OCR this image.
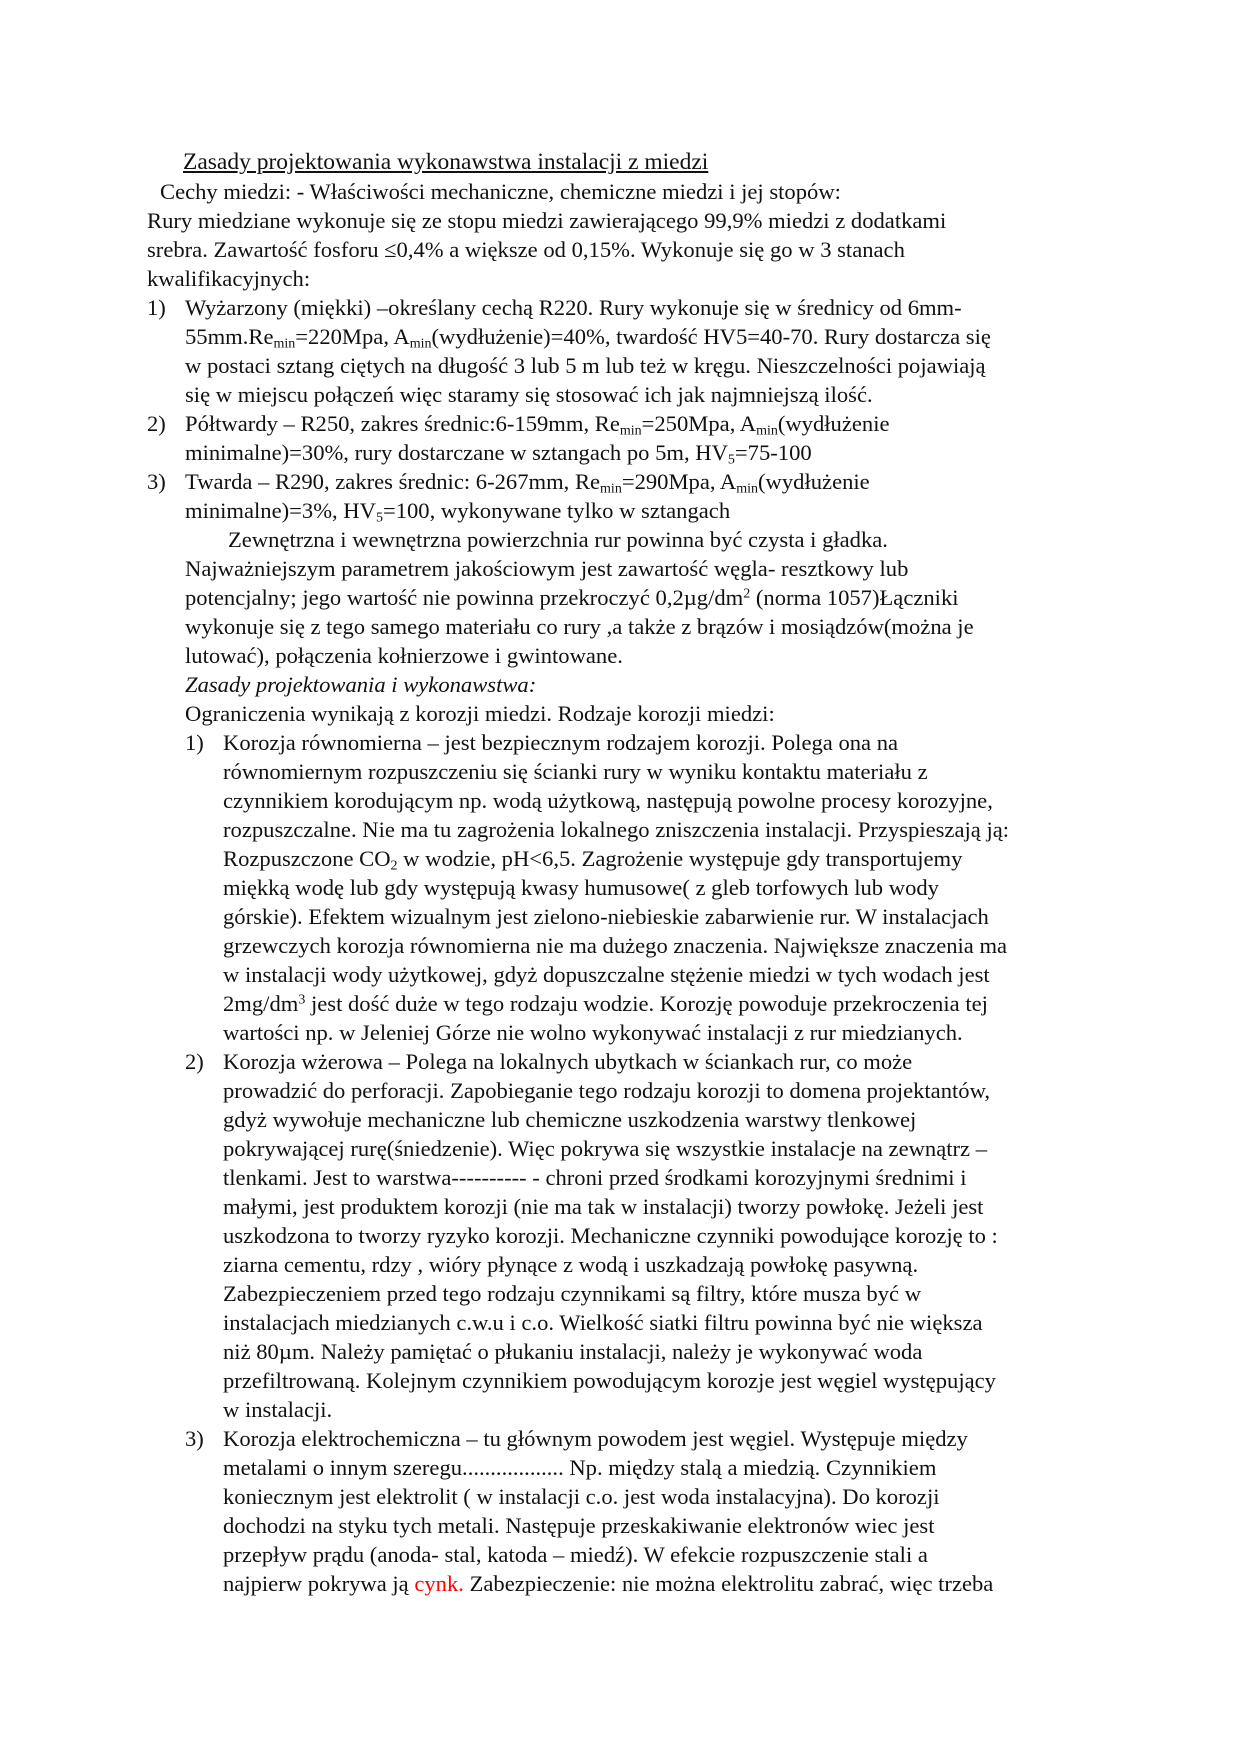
Zasady projektowania wykonawstwa instalacji z miedzi
Cechy miedzi: - Właściwości mechaniczne, chemiczne miedzi i jej stopów:
Rury miedziane wykonuje się ze stopu miedzi zawierającego 99,9% miedzi z dodatkami
srebra. Zawartość fosforu ≤0,4% a większe od 0,15%. Wykonuje się go w 3 stanach
kwalifikacyjnych:
1) Wyżarzony (miękki) –określany cechą R220. Rury wykonuje się w średnicy od 6mm-
$55mm.Re_{min}=220Mpa$, $A_{min}(wydłużenie)=40\%$, twardość HV5=40-70. Rury dostarcza się
w postaci sztang ciętych na długość 3 lub 5 m lub też w kręgu. Nieszczelności pojawiają
się w miejscu połączeń więc staramy się stosować ich jak najmniejszą ilość.
2) Półtwardy – R250, zakres średnic:6-159mm, $Re_{min}=250Mpa$, $A_{min}(wydłużenie$
minimalne)=30%, rury dostarczane w sztangach po 5m, $HV_5=75-100$
3) Twarda – R290, zakres średnic: 6-267mm, $Re_{min}=290Mpa$, $A_{min}(wydłużenie$
minimalne)=3%, $HV_5=100$, wykonywane tylko w sztangach
Zewnętrzna i wewnętrzna powierzchnia rur powinna być czysta i gładka.
Najważniejszym parametrem jakościowym jest zawartość węgla- resztkowy lub
potencjalny; jego wartość nie powinna przekroczyć $0,2\mu g/dm^2$ (norma 1057)Łączniki
wykonuje się z tego samego materiału co rury ,a także z brązów i mosiądzów(można je
lutować), połączenia kołnierzowe i gwintowane.
Zasady projektowania i wykonawstwa:
Ograniczenia wynikają z korozji miedzi. Rodzaje korozji miedzi:
1) Korozja równomierna – jest bezpiecznym rodzajem korozji. Polega ona na
równomiernym rozpuszczeniu się ścianki rury w wyniku kontaktu materiału z
czynnikiem korodującym np. wodą użytkową, następują powolne procesy korozyjne,
rozpuszczalne. Nie ma tu zagrożenia lokalnego zniszczenia instalacji. Przyspieszają ją:
Rozpuszczone $CO_2$ w wodzie, pH<6,5. Zagrożenie występuje gdy transportujemy
miękką wodę lub gdy występują kwasy humusowe( z gleb torfowych lub wody
górskie). Efektem wizualnym jest zielono-niebieskie zabarwienie rur. W instalacjach
grzewczych korozja równomierna nie ma dużego znaczenia. Największe znaczenia ma
w instalacji wody użytkowej, gdyż dopuszczalne stężenie miedzi w tych wodach jest
$2mg/dm^3$ jest dość duże w tego rodzaju wodzie. Korozję powoduje przekroczenia tej
wartości np. w Jeleniej Górze nie wolno wykonywać instalacji z rur miedzianych.
2) Korozja wżerowa – Polega na lokalnych ubytkach w ściankach rur, co może
prowadzić do perforacji. Zapobieganie tego rodzaju korozji to domena projektantów,
gdyż wywołuje mechaniczne lub chemiczne uszkodzenia warstwy tlenkowej
pokrywającej rurę(śniedzenie). Więc pokrywa się wszystkie instalacje na zewnątrz –
tlenkami. Jest to warstwa---------- - chroni przed środkami korozyjnymi średnimi i
małymi, jest produktem korozji (nie ma tak w instalacji) tworzy powłokę. Jeżeli jest
uszkodzona to tworzy ryzyko korozji. Mechaniczne czynniki powodujące korozję to :
ziarna cementu, rdzy , wióry płynące z wodą i uszkadzają powłokę pasywną.
Zabezpieczeniem przed tego rodzaju czynnikami są filtry, które musza być w
instalacjach miedzianych c.w.u i c.o. Wielkość siatki filtru powinna być nie większa
niż 80µm. Należy pamiętać o płukaniu instalacji, należy je wykonywać woda
przefiltrowaną. Kolejnym czynnikiem powodującym korozje jest węgiel występujący
w instalacji.
3) Korozja elektrochemiczna – tu głównym powodem jest węgiel. Występuje między
metalami o innym szeregu.................. Np. między stalą a miedzią. Czynnikiem
koniecznym jest elektrolit ( w instalacji c.o. jest woda instalacyjna). Do korozji
dochodzi na styku tych metali. Następuje przeskakiwanie elektronów wiec jest
przepływ prądu (anoda- stal, katoda – miedź). W efekcie rozpuszczenie stali a
najpierw pokrywa ją cynk. Zabezpieczenie: nie można elektrolitu zabrać, więc trzeba
